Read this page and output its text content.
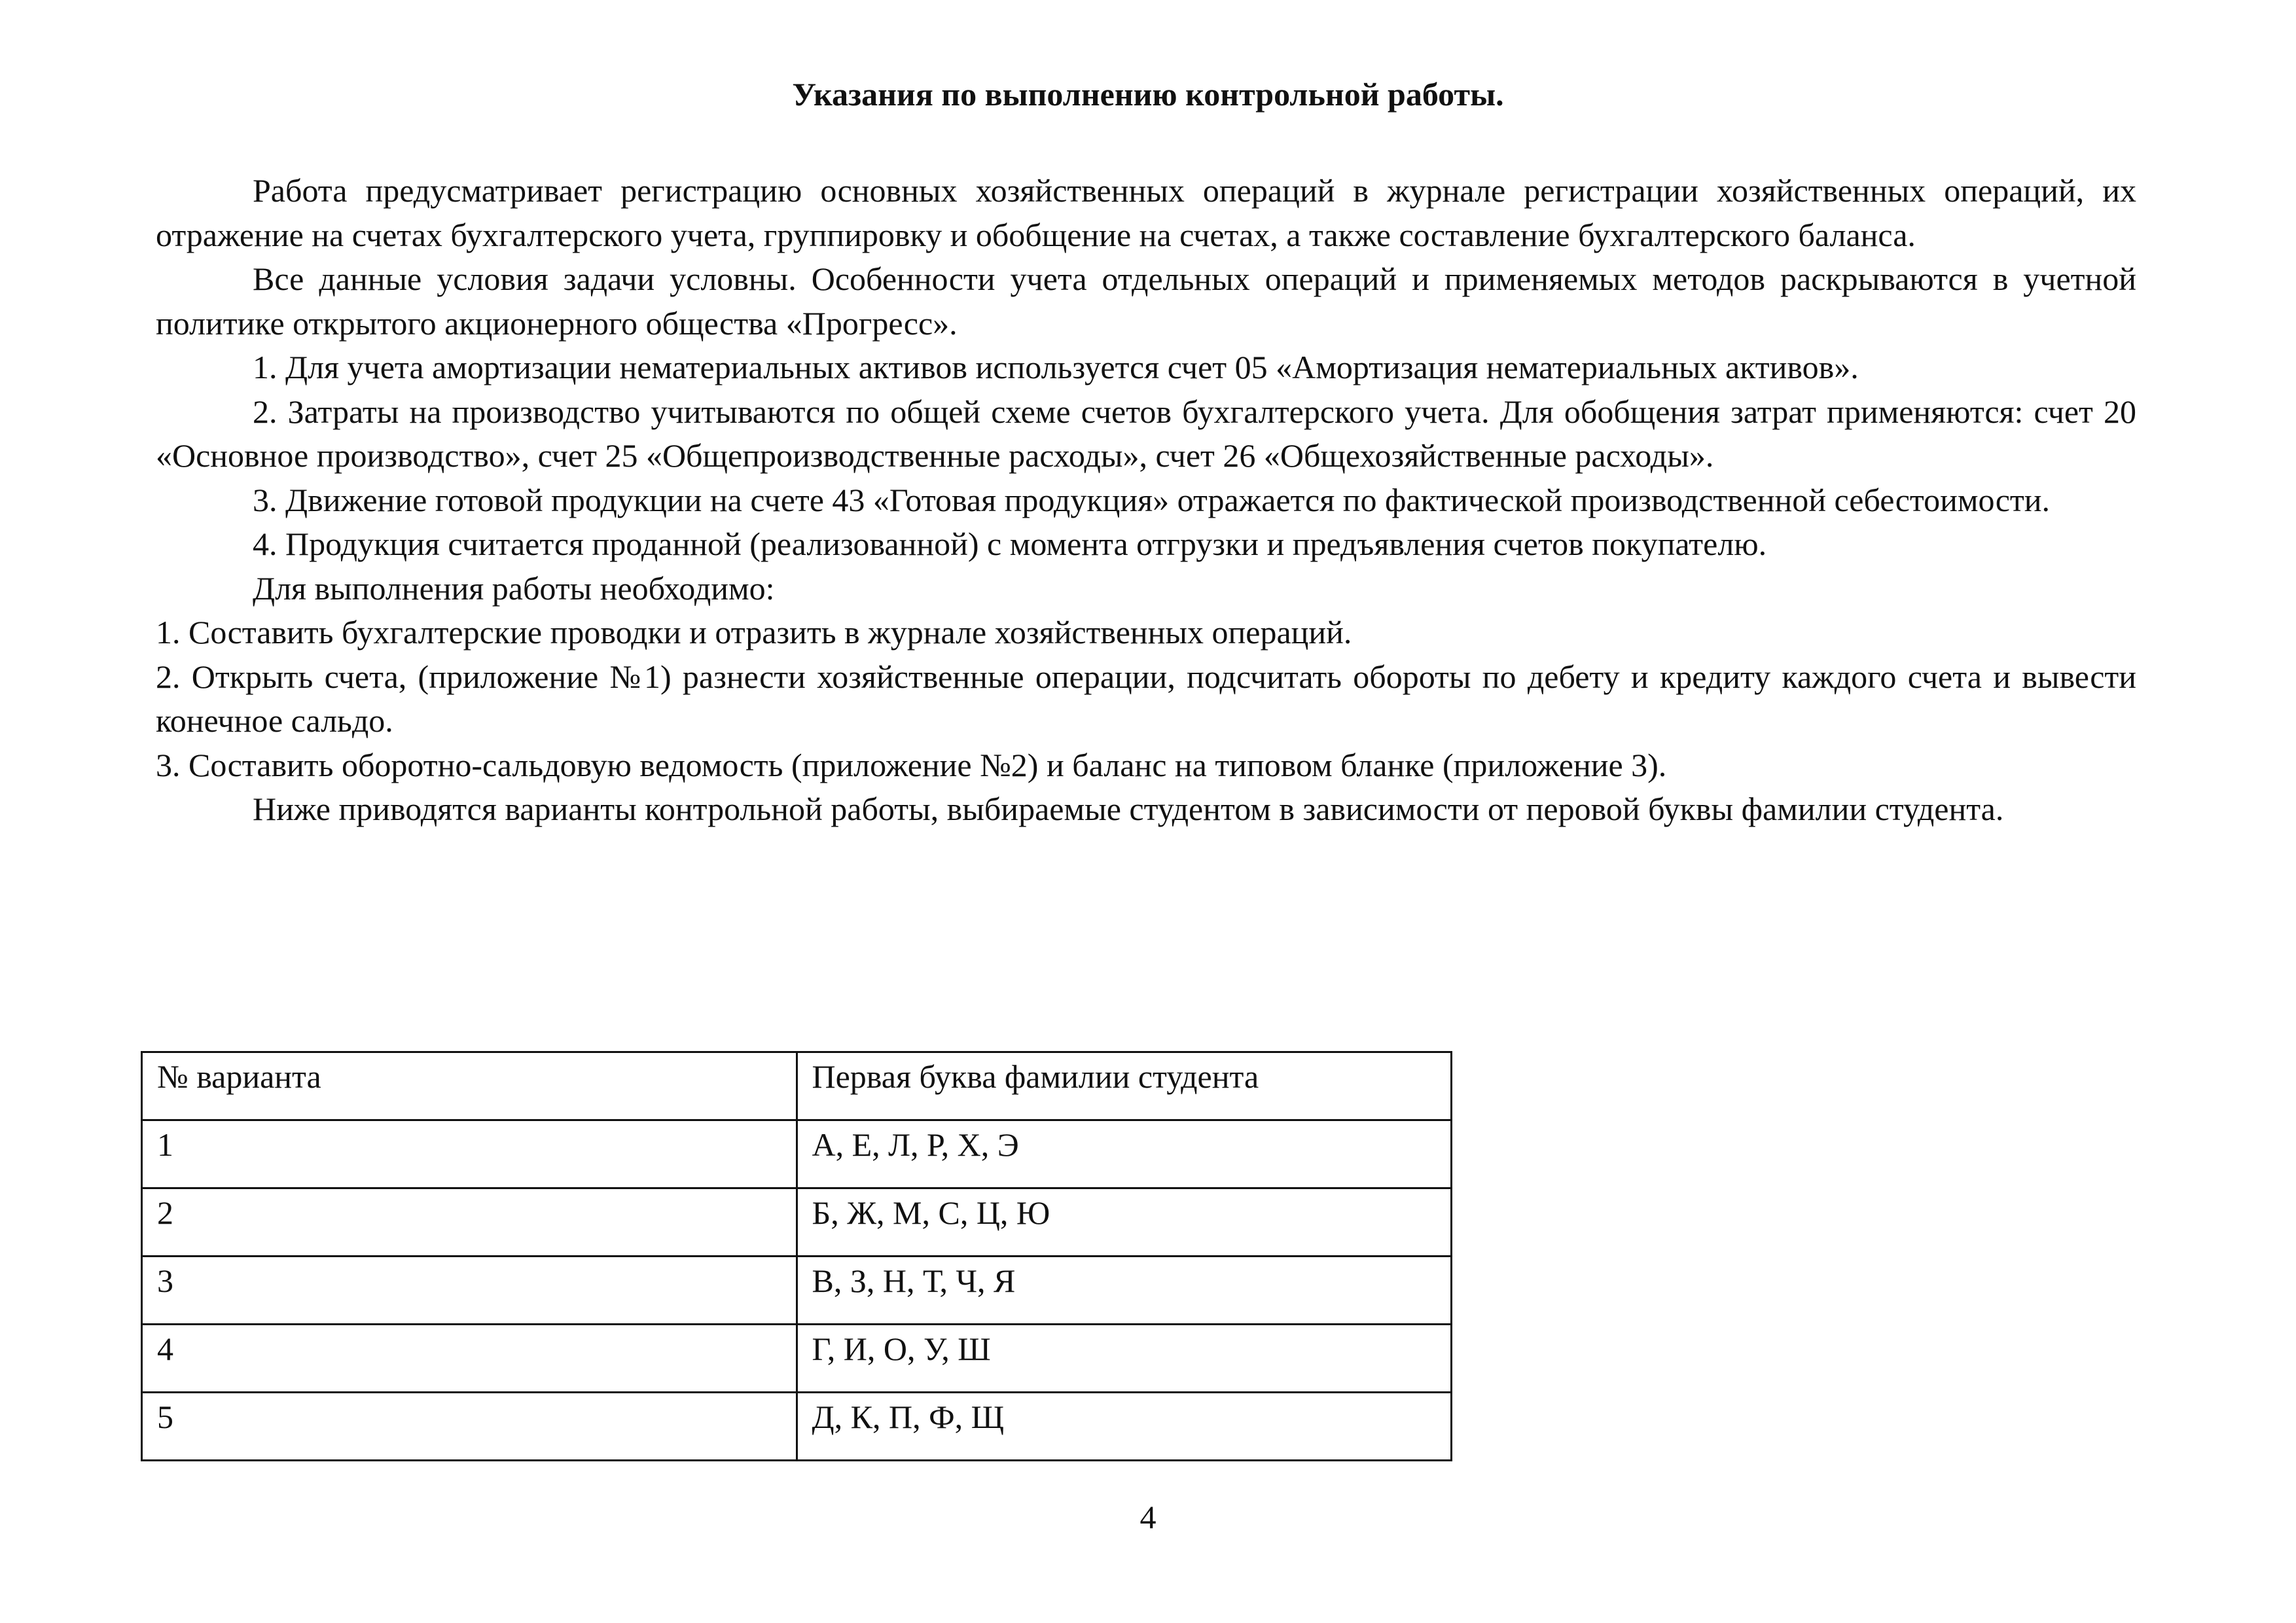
Указания по выполнению контрольной работы.

Работа предусматривает регистрацию основных хозяйственных операций в журнале регистрации хозяйственных операций, их отражение на счетах бухгалтерского учета, группировку и обобщение на счетах, а также составление бухгалтерского баланса.

Все данные условия задачи условны. Особенности учета отдельных операций и применяемых методов раскрываются в учетной политике открытого акционерного общества «Прогресс».

1. Для учета амортизации нематериальных активов используется счет 05 «Амортизация нематериальных активов».

2. Затраты на производство учитываются по общей схеме счетов бухгалтерского учета. Для обобщения затрат применяются: счет 20 «Основное производство», счет 25 «Общепроизводственные расходы», счет 26 «Общехозяйственные расходы».

3. Движение готовой продукции на счете 43 «Готовая продукция» отражается по фактической производственной себестоимости.

4. Продукция считается проданной (реализованной) с момента отгрузки и предъявления счетов покупателю.

Для выполнения работы необходимо:

1. Составить бухгалтерские проводки и отразить в журнале хозяйственных операций.

2. Открыть счета, (приложение №1) разнести хозяйственные операции, подсчитать обороты по дебету и кредиту каждого счета и вывести конечное сальдо.

3. Составить оборотно-сальдовую ведомость (приложение №2) и баланс на типовом бланке (приложение 3).

Ниже приводятся варианты контрольной работы, выбираемые студентом в зависимости от перовой буквы фамилии студента.

№ варианта	Первая буква фамилии студента
1	А, Е, Л, Р, Х, Э
2	Б, Ж, М, С, Ц, Ю
3	В, З, Н, Т, Ч, Я
4	Г, И, О, У, Ш
5	Д, К, П, Ф, Щ
4
